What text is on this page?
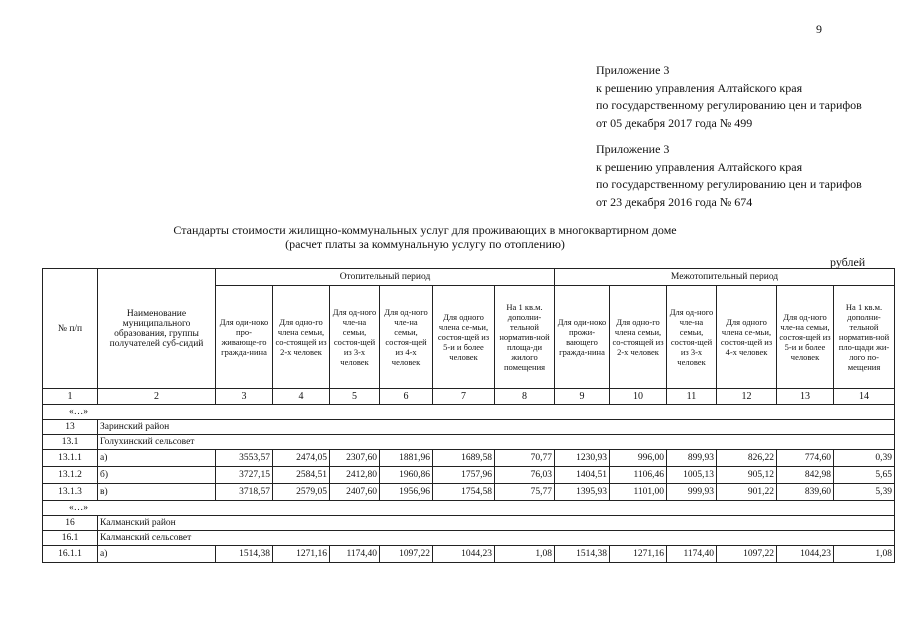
9
Приложение 3
к решению управления Алтайского края
по государственному регулированию цен и тарифов
от 05 декабря 2017 года № 499
Приложение 3
к решению управления Алтайского края
по государственному регулированию цен и тарифов
от 23 декабря 2016 года № 674
Стандарты стоимости жилищно-коммунальных услуг для проживающих в многоквартирном доме
(расчет платы за коммунальную услугу по отоплению)
рублей
№ п/п	Наименование муниципального образования, группы получателей суб-сидий	Отопительный период						Межотопительный период					
		Для оди-ноко про-живающе-го гражда-нина	Для одно-го члена семьи, со-стоящей из 2-х человек	Для од-ного чле-на семьи, состоя-щей из 3-х человек	Для од-ного чле-на семьи, состоя-щей из 4-х человек	Для одного члена се-мьи, состоя-щей из 5-и и более человек	На 1 кв.м. дополни-тельной норматив-ной площа-ди жилого помещения	Для оди-ноко прожи-вающего гражда-нина	Для одно-го члена семьи, со-стоящей из 2-х человек	Для од-ного чле-на семьи, состоя-щей из 3-х человек	Для одного члена се-мьи, состоя-щей из 4-х человек	Для од-ного чле-на семьи, состоя-щей из 5-и и более человек	На 1 кв.м. дополни-тельной норматив-ной пло-щади жи-лого по-мещения
1	2	3	4	5	6	7	8	9	10	11	12	13	14
«…»													
13	Заринский район												
13.1	Голухинский сельсовет												
13.1.1	а)	3553,57	2474,05	2307,60	1881,96	1689,58	70,77	1230,93	996,00	899,93	826,22	774,60	0,39
13.1.2	б)	3727,15	2584,51	2412,80	1960,86	1757,96	76,03	1404,51	1106,46	1005,13	905,12	842,98	5,65
13.1.3	в)	3718,57	2579,05	2407,60	1956,96	1754,58	75,77	1395,93	1101,00	999,93	901,22	839,60	5,39
«…»													
16	Калманский район												
16.1	Калманский сельсовет												
16.1.1	а)	1514,38	1271,16	1174,40	1097,22	1044,23	1,08	1514,38	1271,16	1174,40	1097,22	1044,23	1,08
